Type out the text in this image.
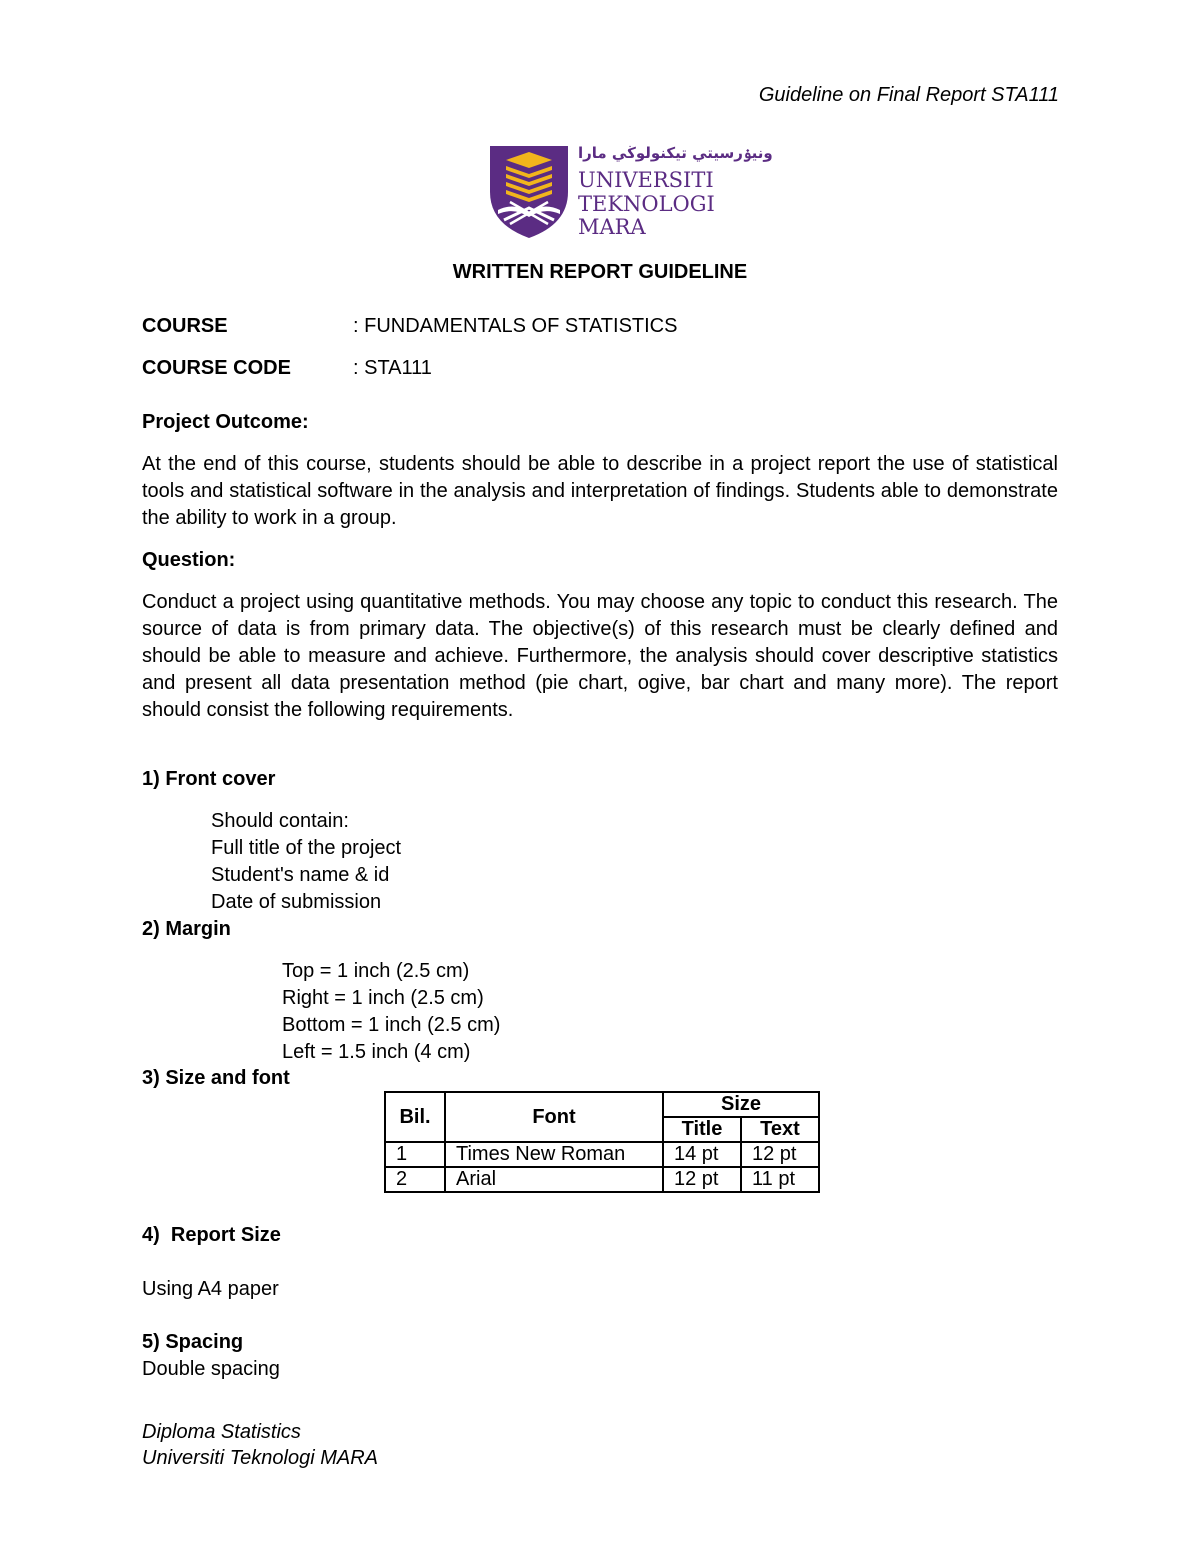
Guideline on Final Report STA111
ونيۏرسيتي تيكنولوڬي مارا
UNIVERSITI
TEKNOLOGI
MARA
WRITTEN REPORT GUIDELINE
COURSE	: FUNDAMENTALS OF STATISTICS
COURSE CODE	: STA111
Project Outcome:
At the end of this course, students should be able to describe in a project report the use of statistical tools and statistical software in the analysis and interpretation of findings. Students able to demonstrate the ability to work in a group.
Question:
Conduct a project using quantitative methods. You may choose any topic to conduct this research. The source of data is from primary data. The objective(s) of this research must be clearly defined and should be able to measure and achieve. Furthermore, the analysis should cover descriptive statistics and present all data presentation method (pie chart, ogive, bar chart and many more). The report should consist the following requirements.
1) Front cover
Should contain:
Full title of the project
Student's name & id
Date of submission
2) Margin
Top = 1 inch (2.5 cm)
Right = 1 inch (2.5 cm)
Bottom = 1 inch (2.5 cm)
Left = 1.5 inch (4 cm)
3) Size and font
Bil.	Font	Size	
		Title	Text
1	Times New Roman	14 pt	12 pt
2	Arial	12 pt	11 pt
4)  Report Size
Using A4 paper
5) Spacing
Double spacing
Diploma Statistics
Universiti Teknologi MARA
